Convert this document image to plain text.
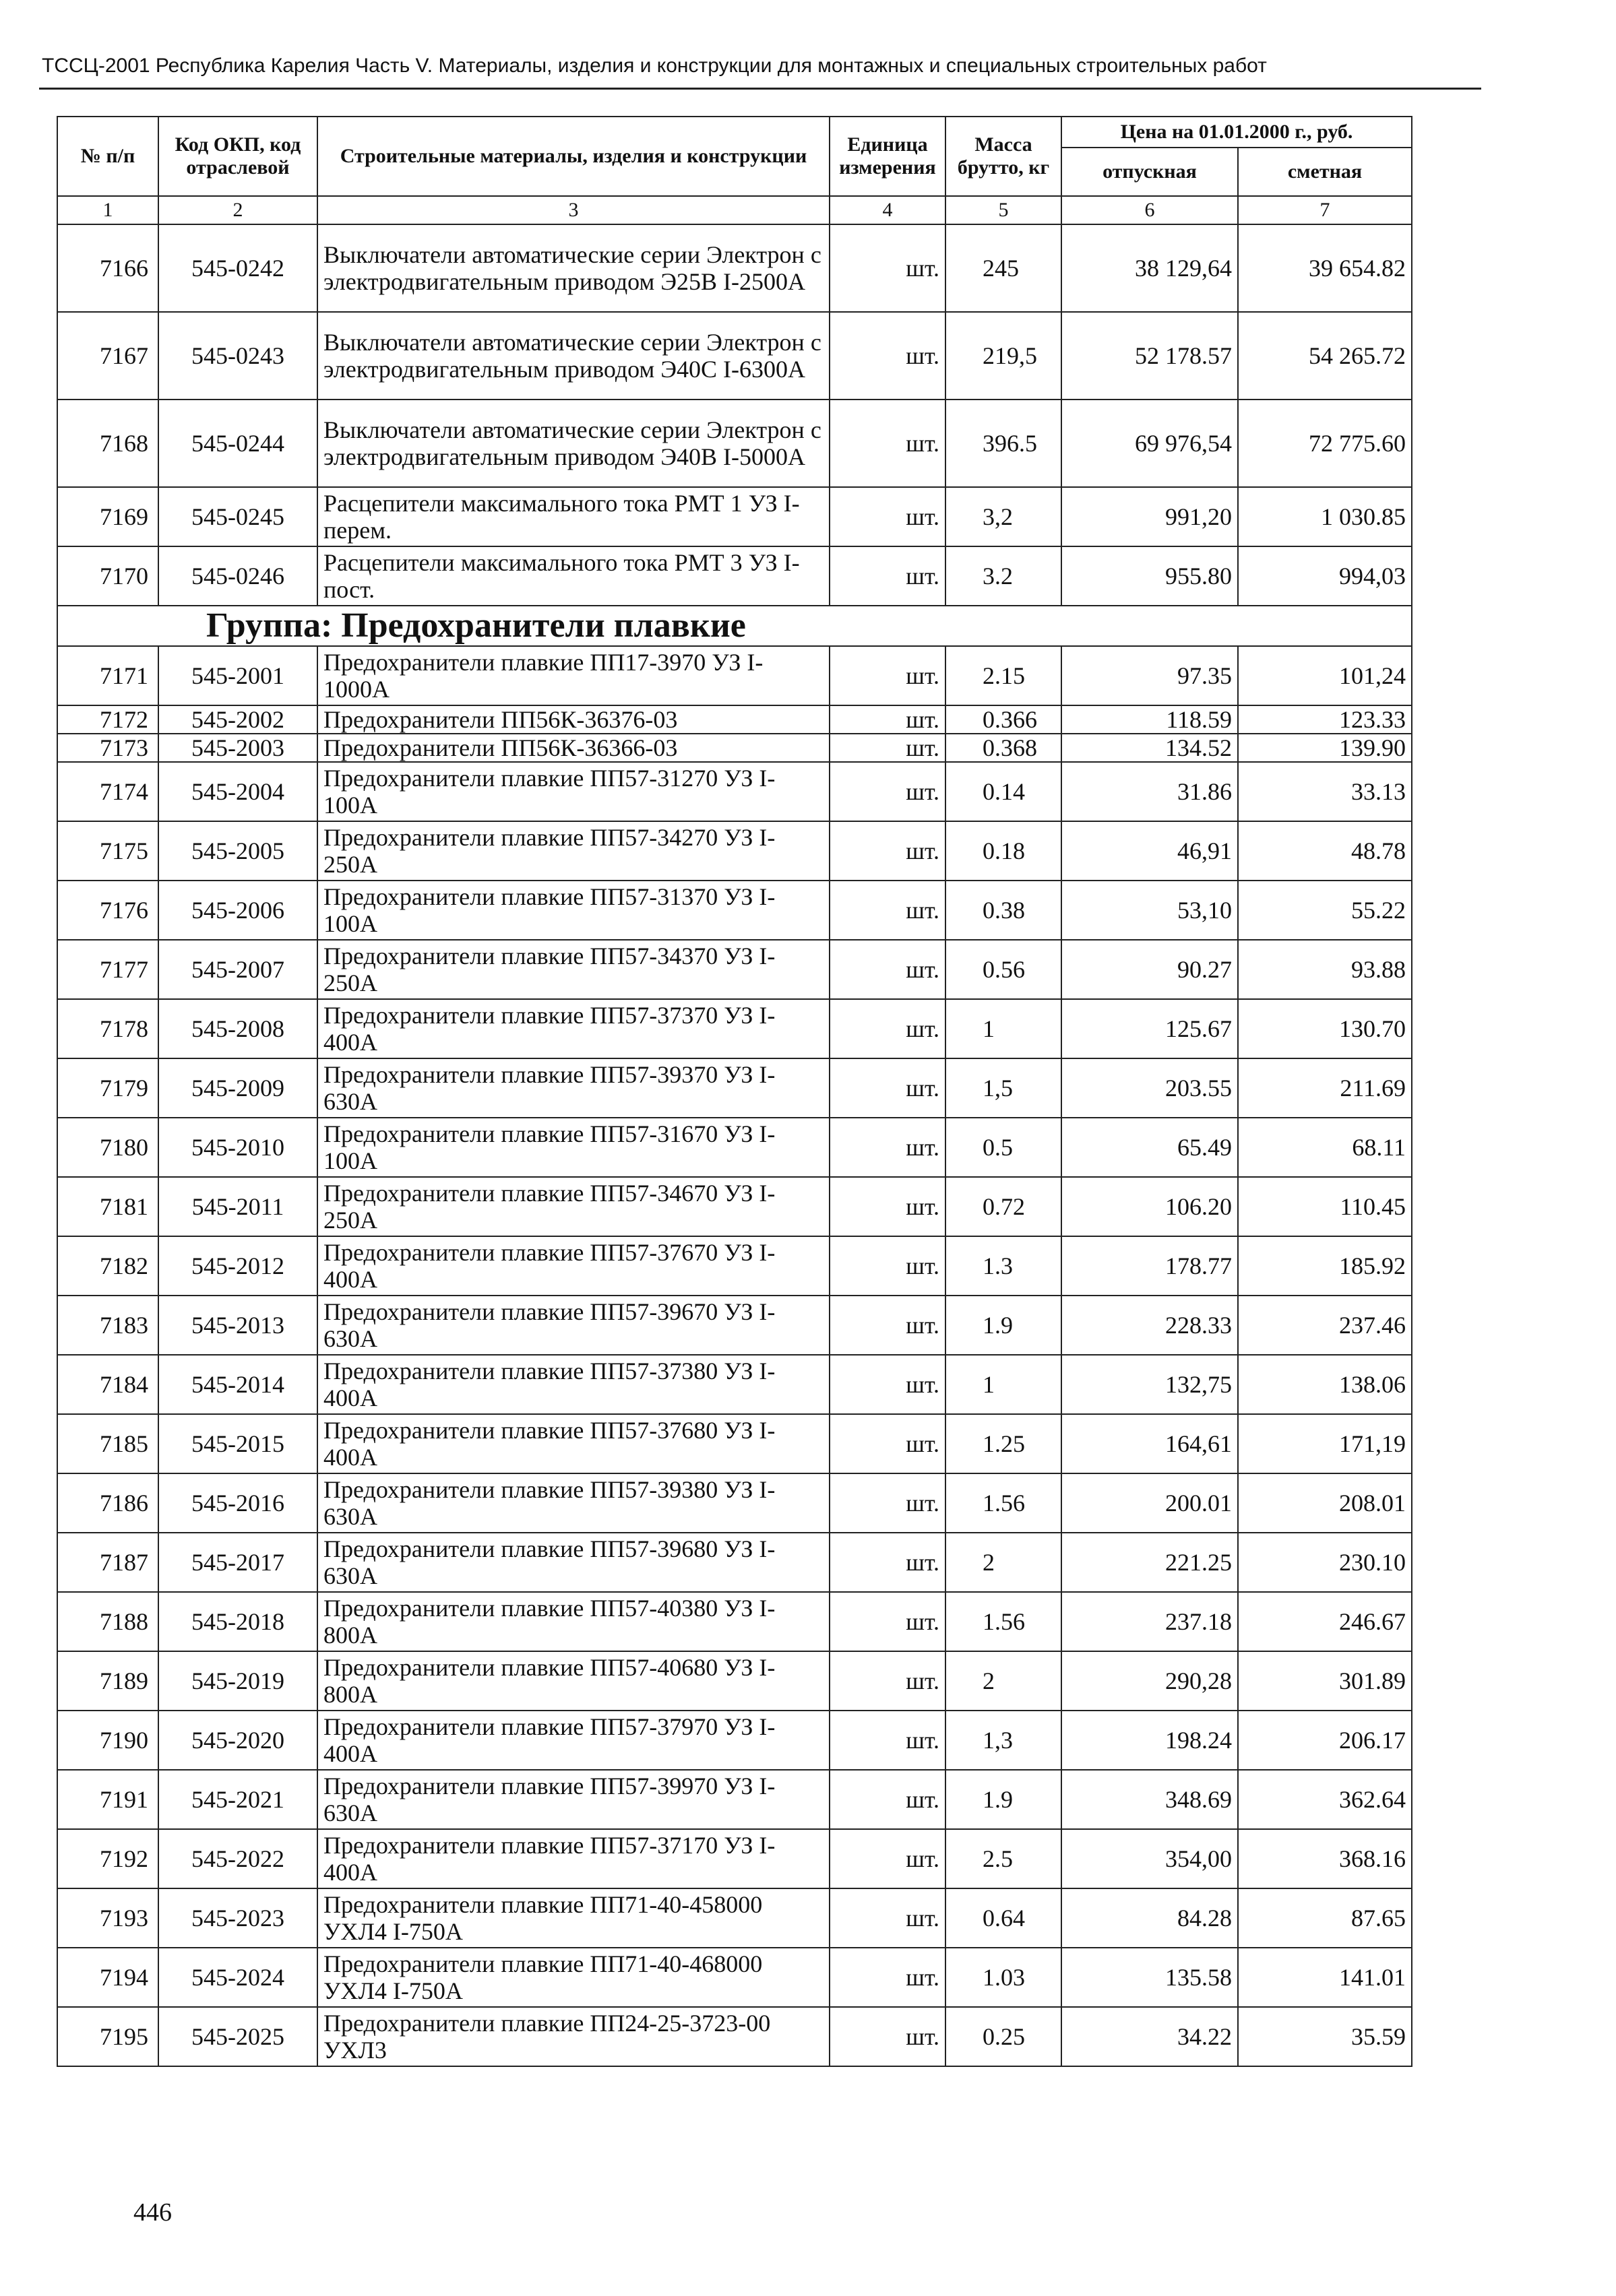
ТССЦ-2001 Республика Карелия Часть V. Материалы, изделия и конструкции для монтажных и специальных строительных работ
№ п/п	Код ОКП, код отраслевой	Строительные материалы, изделия и конструкции	Единица измерения	Масса брутто, кг	Цена на 01.01.2000 г., руб.	
					отпускная	сметная
1	2	3	4	5	6	7
7166	545-0242	Выключатели автоматические серии Электрон с электродвигательным приводом Э25В I-2500А	шт.	245	38 129,64	39 654.82
7167	545-0243	Выключатели автоматические серии Электрон с электродвигательным приводом Э40С I-6300А	шт.	219,5	52 178.57	54 265.72
7168	545-0244	Выключатели автоматические серии Электрон с электродвигательным приводом Э40В I-5000А	шт.	396.5	69 976,54	72 775.60
7169	545-0245	Расцепители максимального тока РМТ 1 УЗ I-перем.	шт.	3,2	991,20	1 030.85
7170	545-0246	Расцепители максимального тока РМТ 3 УЗ I-пост.	шт.	3.2	955.80	994,03
Группа: Предохранители плавкие						
7171	545-2001	Предохранители плавкие ПП17-3970 УЗ I-1000А	шт.	2.15	97.35	101,24
7172	545-2002	Предохранители ПП56К-36376-03	шт.	0.366	118.59	123.33
7173	545-2003	Предохранители ПП56К-36366-03	шт.	0.368	134.52	139.90
7174	545-2004	Предохранители плавкие ПП57-31270 УЗ I-100А	шт.	0.14	31.86	33.13
7175	545-2005	Предохранители плавкие ПП57-34270 УЗ I-250А	шт.	0.18	46,91	48.78
7176	545-2006	Предохранители плавкие ПП57-31370 УЗ I-100А	шт.	0.38	53,10	55.22
7177	545-2007	Предохранители плавкие ПП57-34370 УЗ I-250А	шт.	0.56	90.27	93.88
7178	545-2008	Предохранители плавкие ПП57-37370 УЗ I-400А	шт.	1	125.67	130.70
7179	545-2009	Предохранители плавкие ПП57-39370 УЗ I-630А	шт.	1,5	203.55	211.69
7180	545-2010	Предохранители плавкие ПП57-31670 УЗ I-100А	шт.	0.5	65.49	68.11
7181	545-2011	Предохранители плавкие ПП57-34670 УЗ I-250А	шт.	0.72	106.20	110.45
7182	545-2012	Предохранители плавкие ПП57-37670 УЗ I-400А	шт.	1.3	178.77	185.92
7183	545-2013	Предохранители плавкие ПП57-39670 УЗ I-630А	шт.	1.9	228.33	237.46
7184	545-2014	Предохранители плавкие ПП57-37380 УЗ I-400А	шт.	1	132,75	138.06
7185	545-2015	Предохранители плавкие ПП57-37680 УЗ I-400А	шт.	1.25	164,61	171,19
7186	545-2016	Предохранители плавкие ПП57-39380 УЗ I-630А	шт.	1.56	200.01	208.01
7187	545-2017	Предохранители плавкие ПП57-39680 УЗ I-630А	шт.	2	221.25	230.10
7188	545-2018	Предохранители плавкие ПП57-40380 УЗ I-800А	шт.	1.56	237.18	246.67
7189	545-2019	Предохранители плавкие ПП57-40680 УЗ I-800А	шт.	2	290,28	301.89
7190	545-2020	Предохранители плавкие ПП57-37970 УЗ I-400А	шт.	1,3	198.24	206.17
7191	545-2021	Предохранители плавкие ПП57-39970 УЗ I-630А	шт.	1.9	348.69	362.64
7192	545-2022	Предохранители плавкие ПП57-37170 УЗ I-400А	шт.	2.5	354,00	368.16
7193	545-2023	Предохранители плавкие ПП71-40-458000 УХЛ4 I-750А	шт.	0.64	84.28	87.65
7194	545-2024	Предохранители плавкие ПП71-40-468000 УХЛ4 I-750А	шт.	1.03	135.58	141.01
7195	545-2025	Предохранители плавкие ПП24-25-3723-00 УХЛ3	шт.	0.25	34.22	35.59
446
